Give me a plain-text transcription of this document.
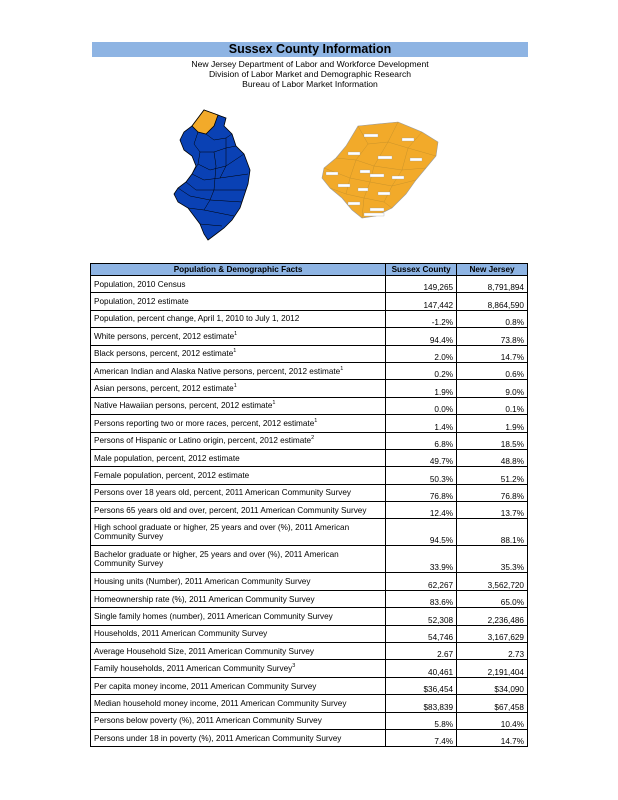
Sussex County Information
New Jersey Department of Labor and Workforce Development
Division of Labor Market and Demographic Research
Bureau of Labor Market Information
Population & Demographic Facts	Sussex County	New Jersey
Population, 2010 Census	149,265	8,791,894
Population, 2012 estimate	147,442	8,864,590
Population, percent change, April 1, 2010 to July 1, 2012	-1.2%	0.8%
White persons, percent, 2012 estimate$^1$	94.4%	73.8%
Black persons, percent, 2012 estimate$^1$	2.0%	14.7%
American Indian and Alaska Native persons, percent, 2012 estimate$^1$	0.2%	0.6%
Asian persons, percent, 2012 estimate$^1$	1.9%	9.0%
Native Hawaiian persons, percent, 2012 estimate$^1$	0.0%	0.1%
Persons reporting two or more races, percent, 2012 estimate$^1$	1.4%	1.9%
Persons of Hispanic or Latino origin, percent, 2012 estimate$^2$	6.8%	18.5%
Male population, percent, 2012 estimate	49.7%	48.8%
Female population, percent, 2012 estimate	50.3%	51.2%
Persons over 18 years old, percent, 2011 American Community Survey	76.8%	76.8%
Persons 65 years old and over, percent, 2011 American Community Survey	12.4%	13.7%
High school graduate or higher, 25 years and over (%), 2011 American Community Survey	94.5%	88.1%
Bachelor graduate or higher, 25 years and over (%), 2011 American Community Survey	33.9%	35.3%
Housing units (Number), 2011 American Community Survey	62,267	3,562,720
Homeownership rate (%), 2011 American Community Survey	83.6%	65.0%
Single family homes (number), 2011 American Community Survey	52,308	2,236,486
Households, 2011 American Community Survey	54,746	3,167,629
Average Household Size, 2011 American Community Survey	2.67	2.73
Family households, 2011 American Community Survey$^3$	40,461	2,191,404
Per capita money income, 2011 American Community Survey	$36,454	$34,090
Median household money income, 2011 American Community Survey	$83,839	$67,458
Persons below poverty (%), 2011 American Community Survey	5.8%	10.4%
Persons under 18 in poverty (%), 2011 American Community Survey	7.4%	14.7%
